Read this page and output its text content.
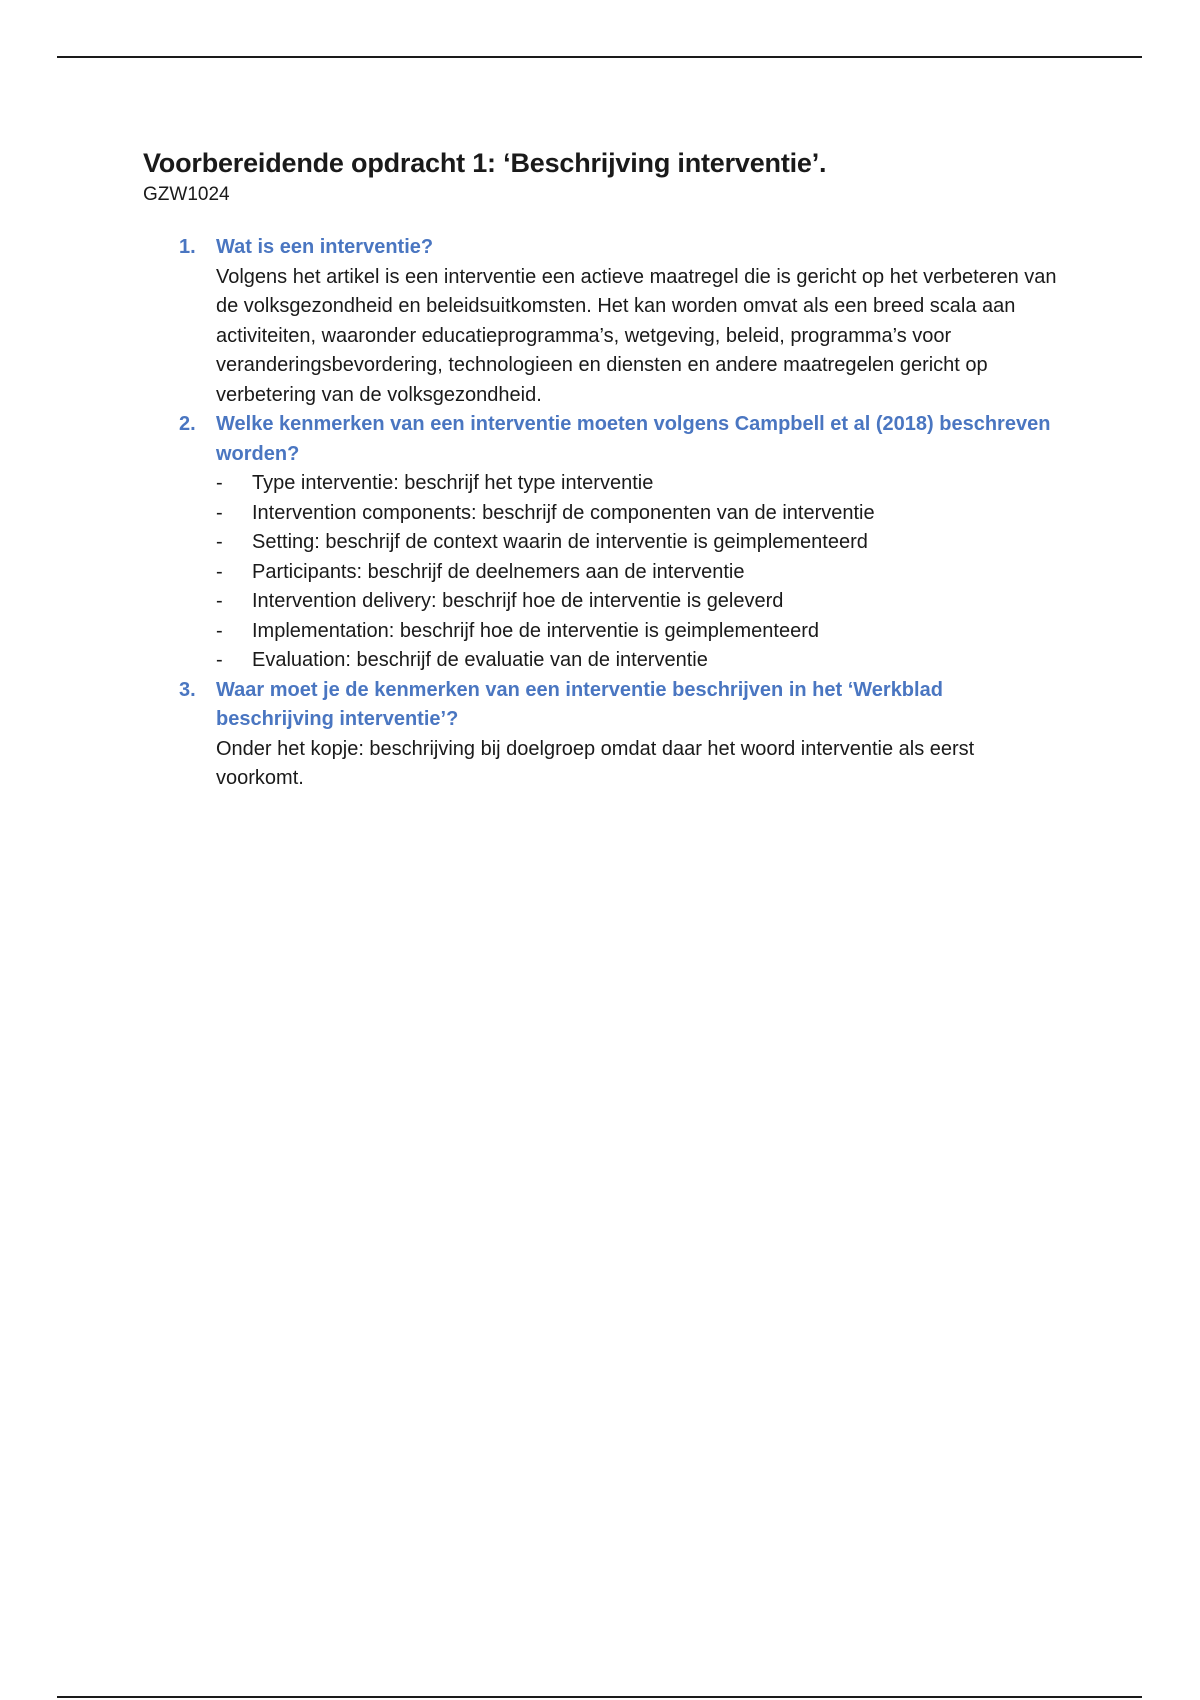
Voorbereidende opdracht 1: ‘Beschrijving interventie’.

GZW1024

1. Wat is een interventie?
Volgens het artikel is een interventie een actieve maatregel die is gericht op het verbeteren van de volksgezondheid en beleidsuitkomsten. Het kan worden omvat als een breed scala aan activiteiten, waaronder educatieprogramma’s, wetgeving, beleid, programma’s voor veranderingsbevordering, technologieen en diensten en andere maatregelen gericht op verbetering van de volksgezondheid.
2. Welke kenmerken van een interventie moeten volgens Campbell et al (2018) beschreven worden?
- Type interventie: beschrijf het type interventie
- Intervention components: beschrijf de componenten van de interventie
- Setting: beschrijf de context waarin de interventie is geimplementeerd
- Participants: beschrijf de deelnemers aan de interventie
- Intervention delivery: beschrijf hoe de interventie is geleverd
- Implementation: beschrijf hoe de interventie is geimplementeerd
- Evaluation: beschrijf de evaluatie van de interventie
3. Waar moet je de kenmerken van een interventie beschrijven in het ‘Werkblad beschrijving interventie’?
Onder het kopje: beschrijving bij doelgroep omdat daar het woord interventie als eerst voorkomt.
